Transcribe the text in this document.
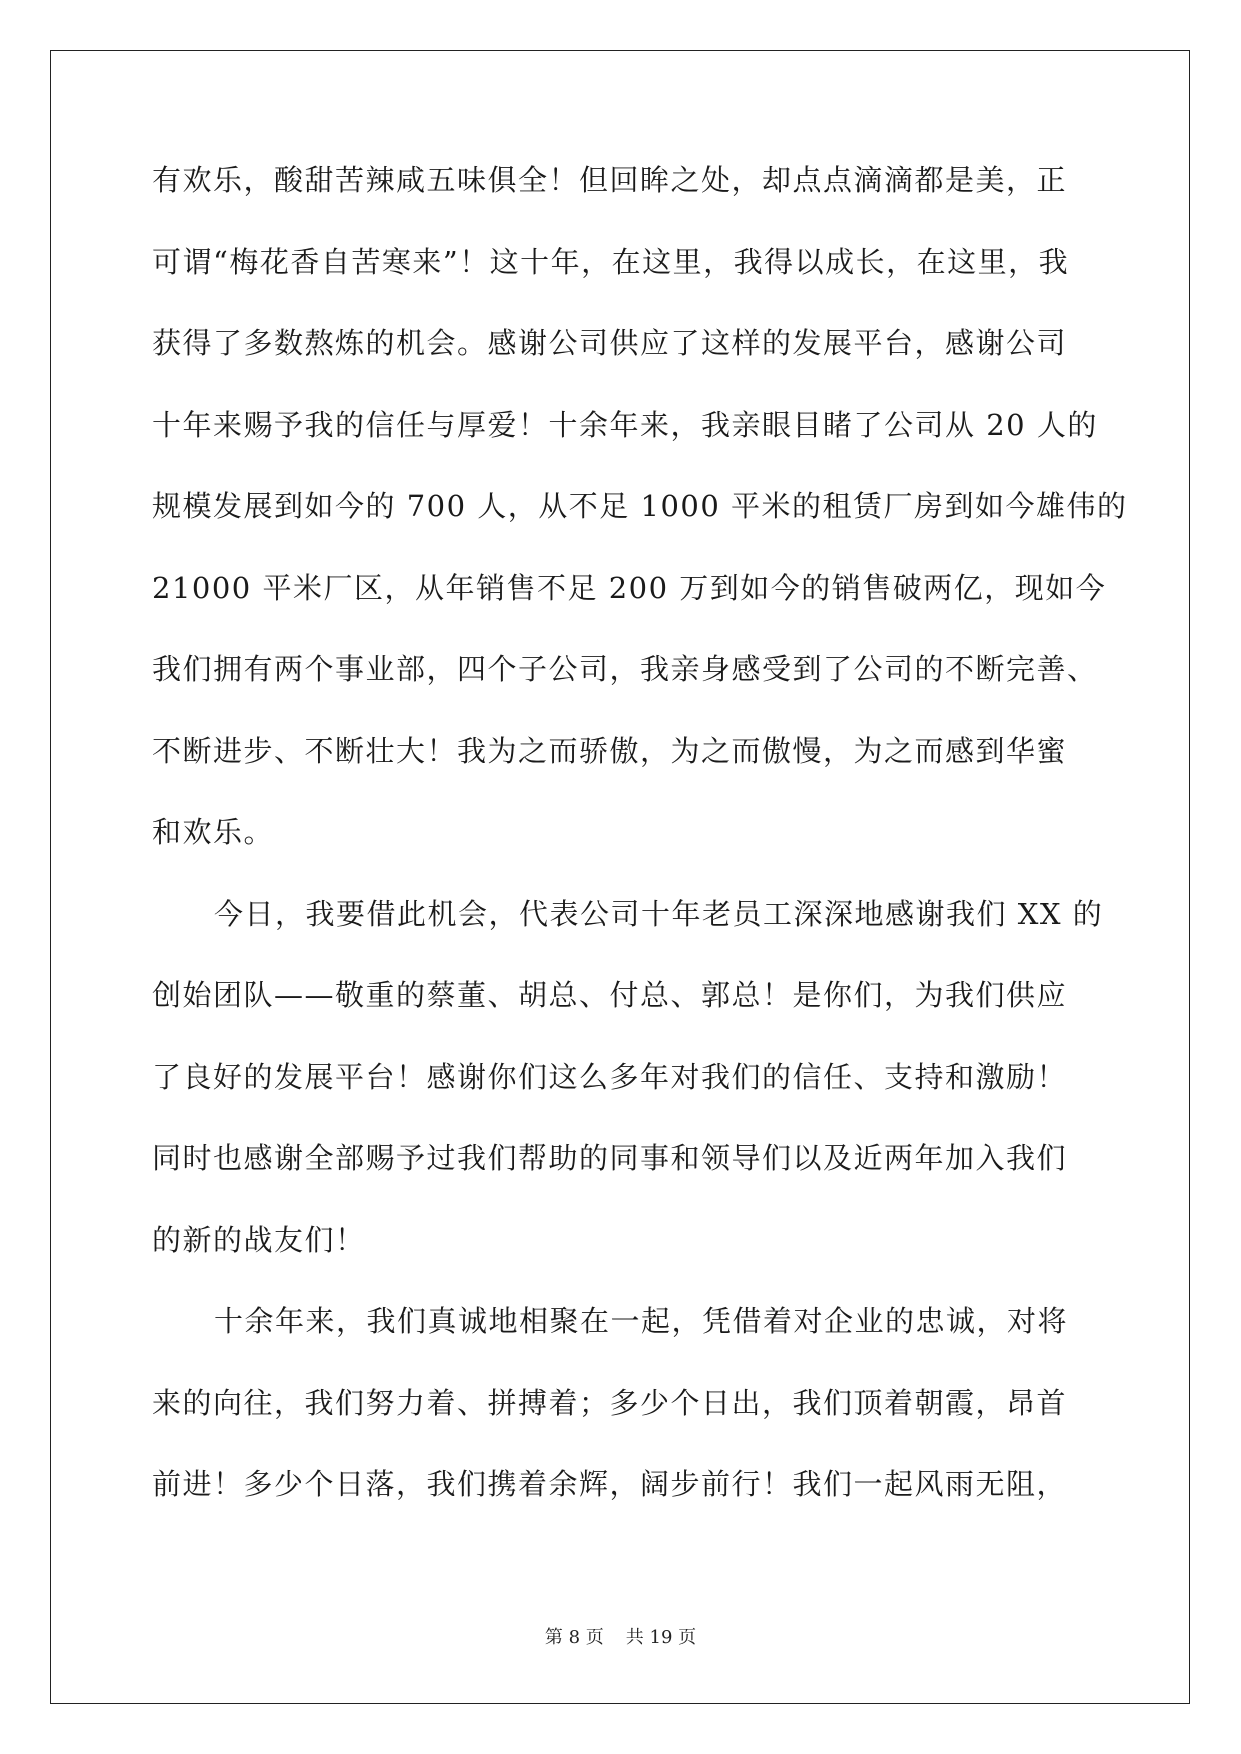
有欢乐，酸甜苦辣咸五味俱全！但回眸之处，却点点滴滴都是美，正
可谓“梅花香自苦寒来”！这十年，在这里，我得以成长，在这里，我
获得了多数熬炼的机会。感谢公司供应了这样的发展平台，感谢公司
十年来赐予我的信任与厚爱！十余年来，我亲眼目睹了公司从 20 人的
规模发展到如今的 700 人，从不足 1000 平米的租赁厂房到如今雄伟的
21000 平米厂区，从年销售不足 200 万到如今的销售破两亿，现如今
我们拥有两个事业部，四个子公司，我亲身感受到了公司的不断完善、
不断进步、不断壮大！我为之而骄傲，为之而傲慢，为之而感到华蜜
和欢乐。
今日，我要借此机会，代表公司十年老员工深深地感谢我们 XX 的
创始团队——敬重的蔡董、胡总、付总、郭总！是你们，为我们供应
了良好的发展平台！感谢你们这么多年对我们的信任、支持和激励！
同时也感谢全部赐予过我们帮助的同事和领导们以及近两年加入我们
的新的战友们！
十余年来，我们真诚地相聚在一起，凭借着对企业的忠诚，对将
来的向往，我们努力着、拼搏着；多少个日出，我们顶着朝霞，昂首
前进！多少个日落，我们携着余辉，阔步前行！我们一起风雨无阻，
第 8 页 共 19 页
